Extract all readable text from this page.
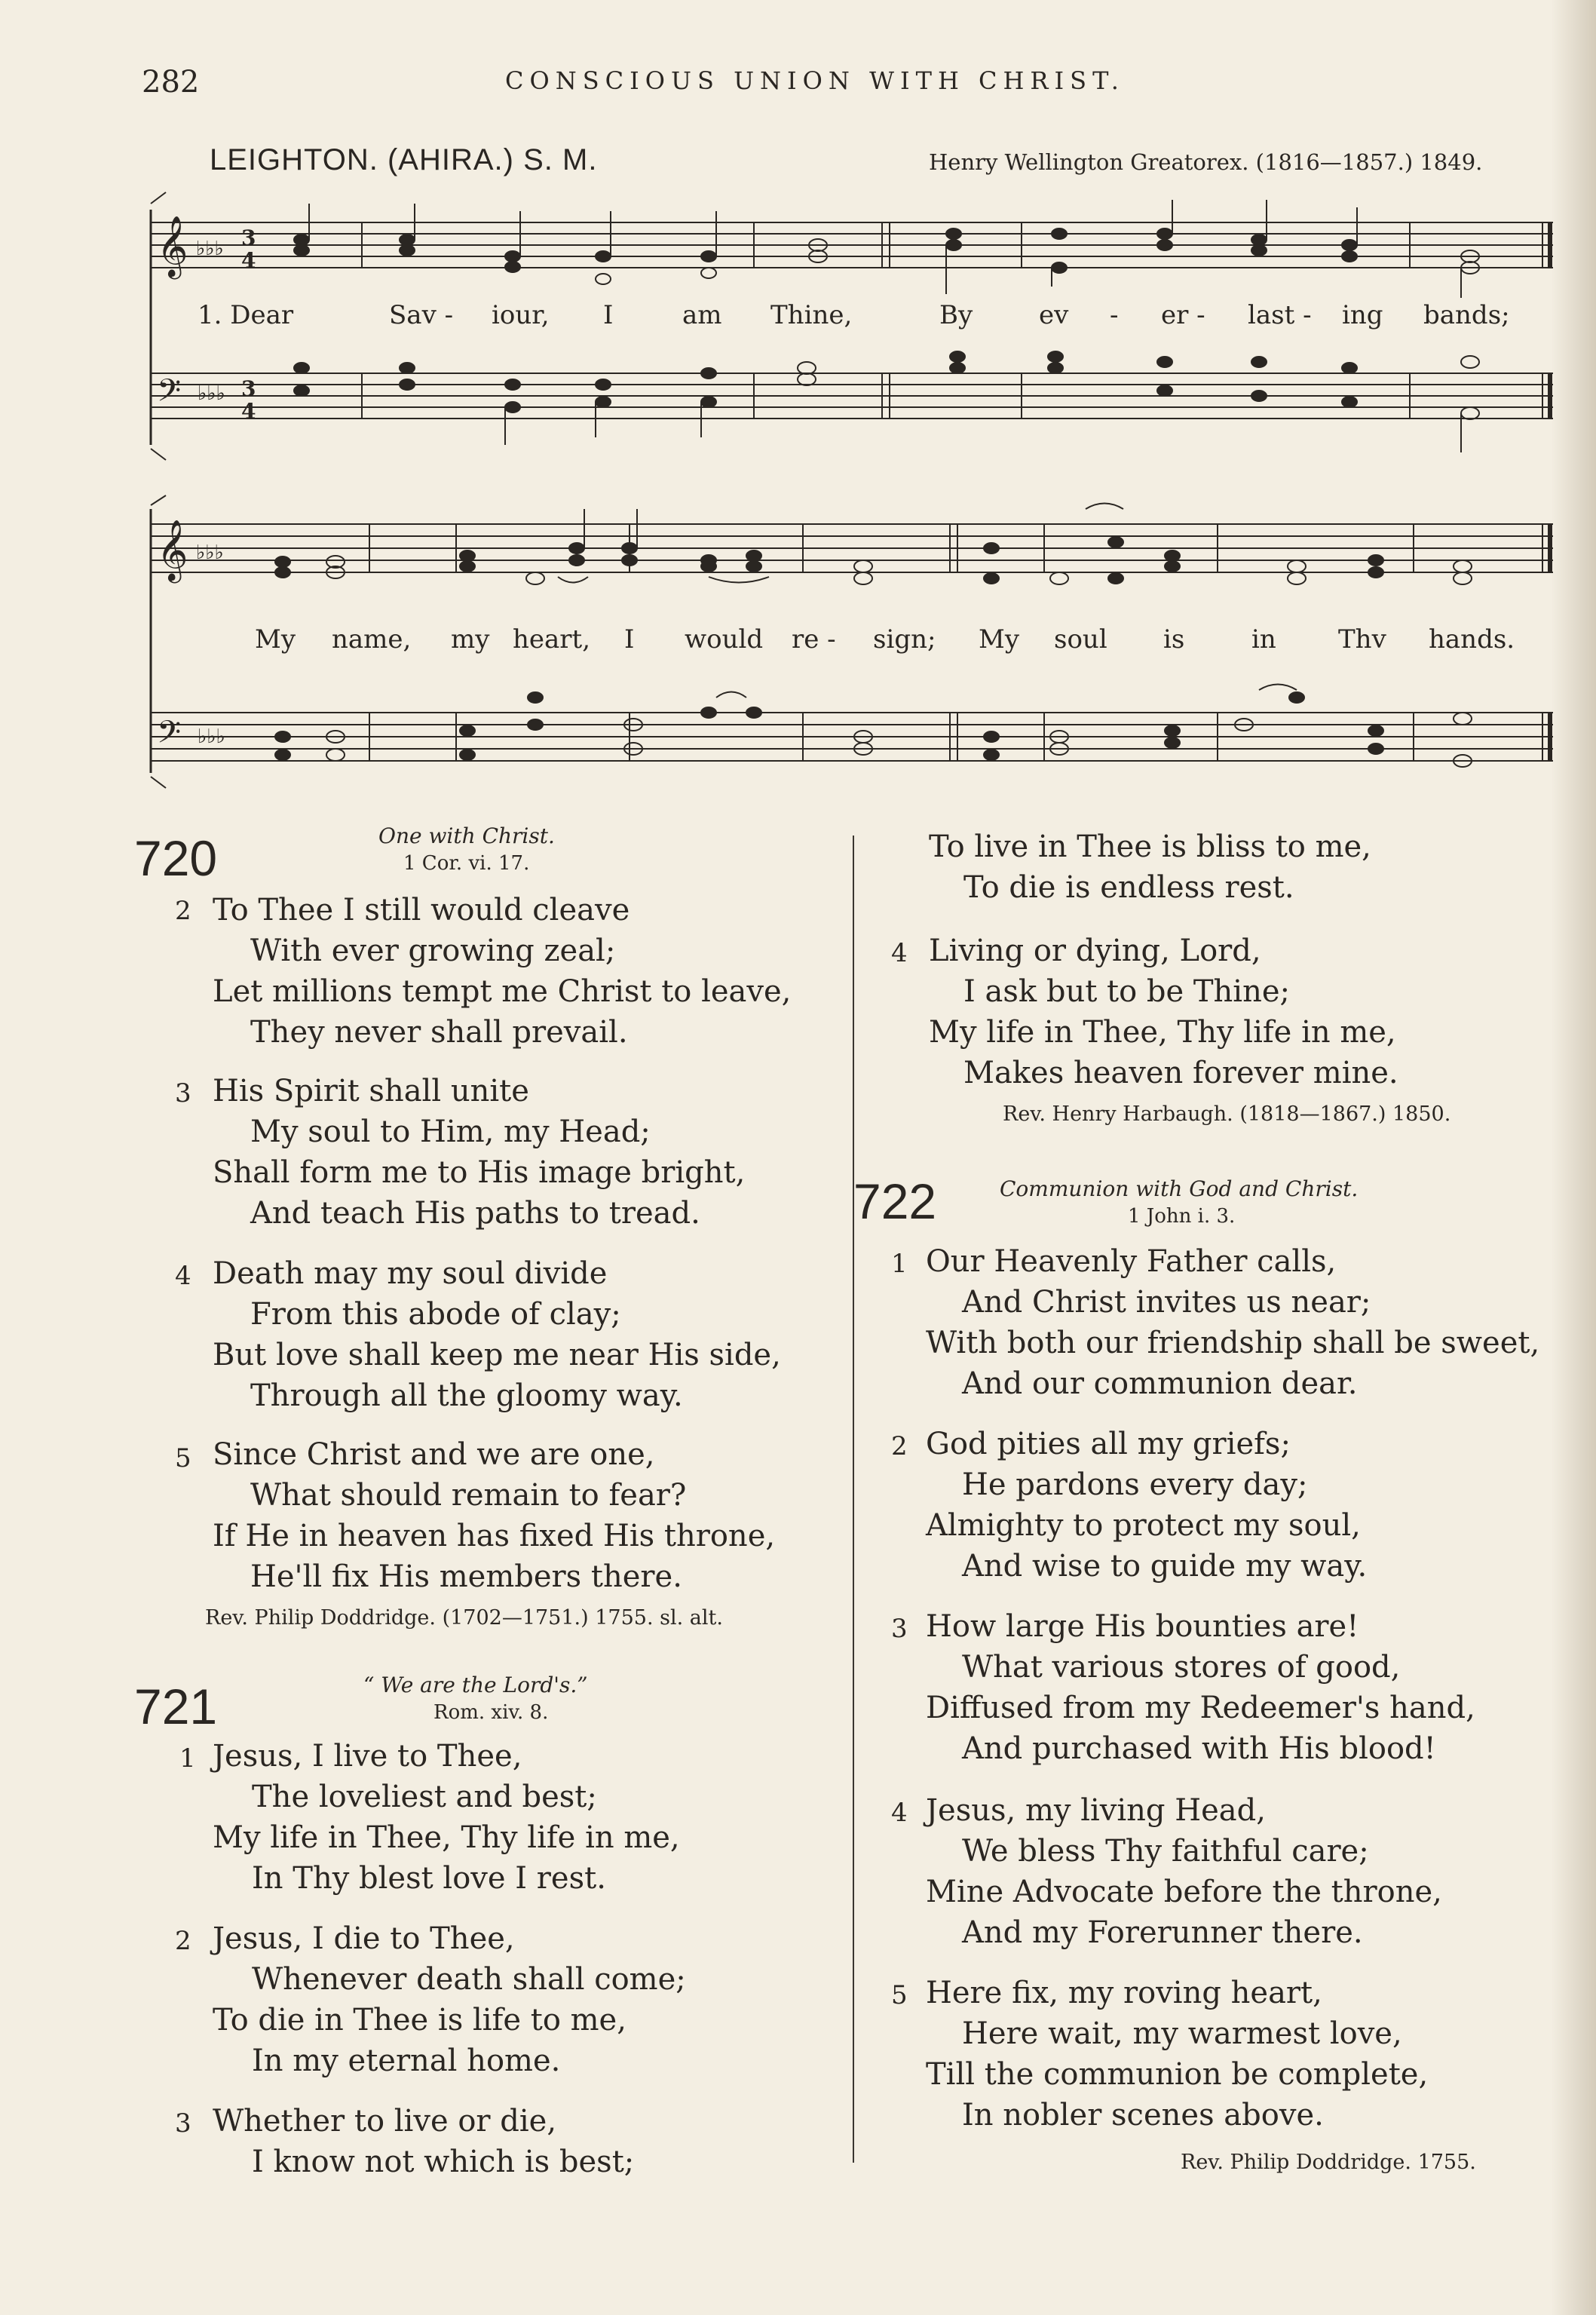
282	CONSCIOUS UNION WITH CHRIST.
LEIGHTON. (AHIRA.) S. M.	Henry Wellington Greatorex. (1816—1857.) 1849.
𝄞
𝄢
♭♭♭
♭♭♭
3
4
3
4
1. Dear	Sav - iour, I	am Thine,	By	ev - er - last - ing bands;
𝄞
𝄢
♭♭♭
♭♭♭
My name, my heart, I would re - sign; My soul is	in Thv hands.
720	One with Christ.
1 Cor. vi. 17.
2 To Thee I still would cleave
With ever growing zeal;
Let millions tempt me Christ to leave,
They never shall prevail.
3 His Spirit shall unite
My soul to Him, my Head;
Shall form me to His image bright,
And teach His paths to tread.
4 Death may my soul divide
From this abode of clay;
But love shall keep me near His side,
Through all the gloomy way.
5 Since Christ and we are one,
What should remain to fear?
If He in heaven has fixed His throne,
He'll fix His members there.
Rev. Philip Doddridge. (1702—1751.) 1755. sl. alt.
721	“ We are the Lord's.”
Rom. xiv. 8.
1 Jesus, I live to Thee,
The loveliest and best;
My life in Thee, Thy life in me,
In Thy blest love I rest.
2 Jesus, I die to Thee,
Whenever death shall come;
To die in Thee is life to me,
In my eternal home.
3 Whether to live or die,
I know not which is best;
To live in Thee is bliss to me,
To die is endless rest.
4 Living or dying, Lord,
I ask but to be Thine;
My life in Thee, Thy life in me,
Makes heaven forever mine.
Rev. Henry Harbaugh. (1818—1867.) 1850.
722	Communion with God and Christ.
1 John i. 3.
1 Our Heavenly Father calls,
And Christ invites us near;
With both our friendship shall be sweet,
And our communion dear.
2 God pities all my griefs;
He pardons every day;
Almighty to protect my soul,
And wise to guide my way.
3 How large His bounties are!
What various stores of good,
Diffused from my Redeemer's hand,
And purchased with His blood!
4 Jesus, my living Head,
We bless Thy faithful care;
Mine Advocate before the throne,
And my Forerunner there.
5 Here fix, my roving heart,
Here wait, my warmest love,
Till the communion be complete,
In nobler scenes above.
Rev. Philip Doddridge. 1755.
